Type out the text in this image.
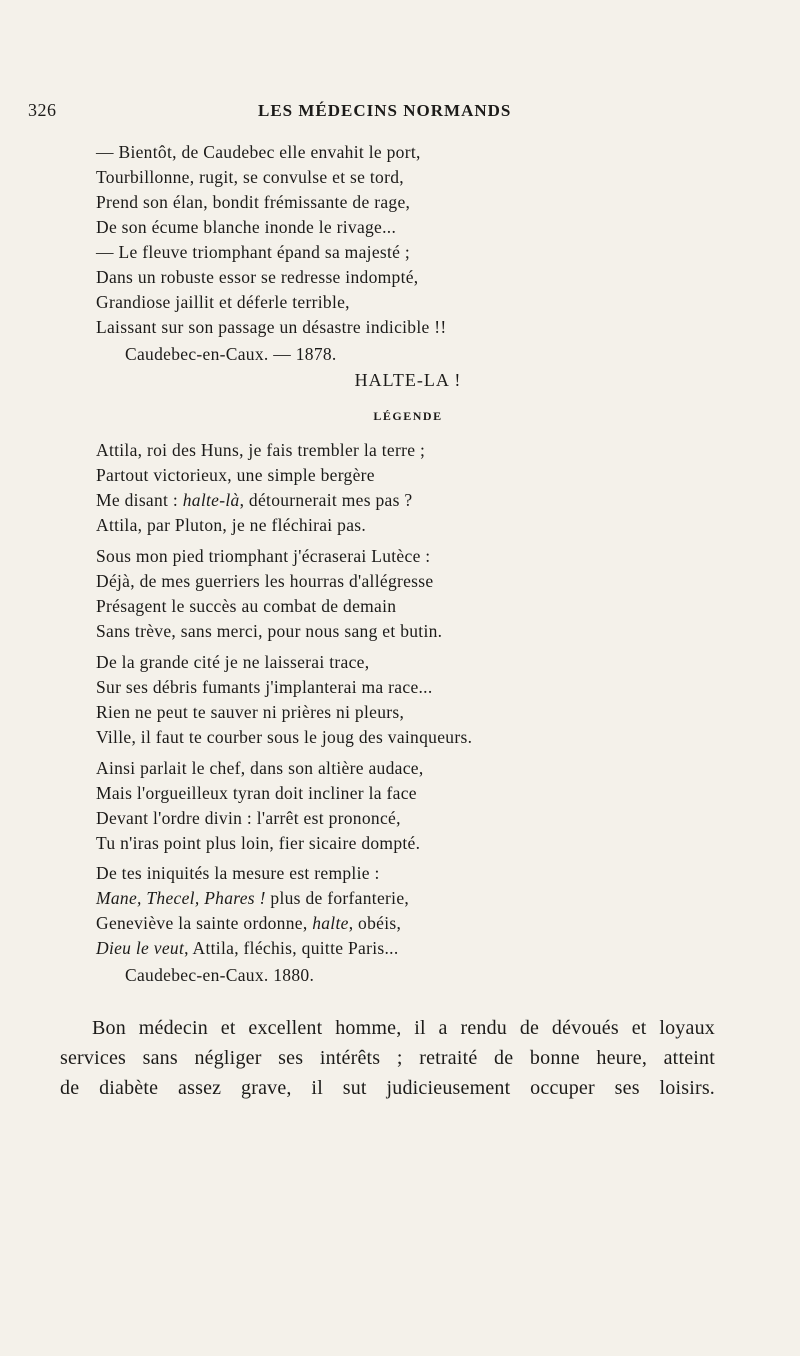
326	LES MÉDECINS NORMANDS
— Bientôt, de Caudebec elle envahit le port,
Tourbillonne, rugit, se convulse et se tord,
Prend son élan, bondit frémissante de rage,
De son écume blanche inonde le rivage...
— Le fleuve triomphant épand sa majesté ;
Dans un robuste essor se redresse indompté,
Grandiose jaillit et déferle terrible,
Laissant sur son passage un désastre indicible !!
Caudebec-en-Caux. — 1878.
HALTE-LA !
LÉGENDE
Attila, roi des Huns, je fais trembler la terre ;
Partout victorieux, une simple bergère
Me disant : halte-là, détournerait mes pas ?
Attila, par Pluton, je ne fléchirai pas.
Sous mon pied triomphant j'écraserai Lutèce :
Déjà, de mes guerriers les hourras d'allégresse
Présagent le succès au combat de demain
Sans trève, sans merci, pour nous sang et butin.
De la grande cité je ne laisserai trace,
Sur ses débris fumants j'implanterai ma race...
Rien ne peut te sauver ni prières ni pleurs,
Ville, il faut te courber sous le joug des vainqueurs.
Ainsi parlait le chef, dans son altière audace,
Mais l'orgueilleux tyran doit incliner la face
Devant l'ordre divin : l'arrêt est prononcé,
Tu n'iras point plus loin, fier sicaire dompté.
De tes iniquités la mesure est remplie :
Mane, Thecel, Phares ! plus de forfanterie,
Geneviève la sainte ordonne, halte, obéis,
Dieu le veut, Attila, fléchis, quitte Paris...
Caudebec-en-Caux. 1880.
Bon médecin et excellent homme, il a rendu de dévoués et loyaux
services sans négliger ses intérêts ; retraité de bonne heure, atteint
de diabète assez grave, il sut judicieusement occuper ses loisirs.
